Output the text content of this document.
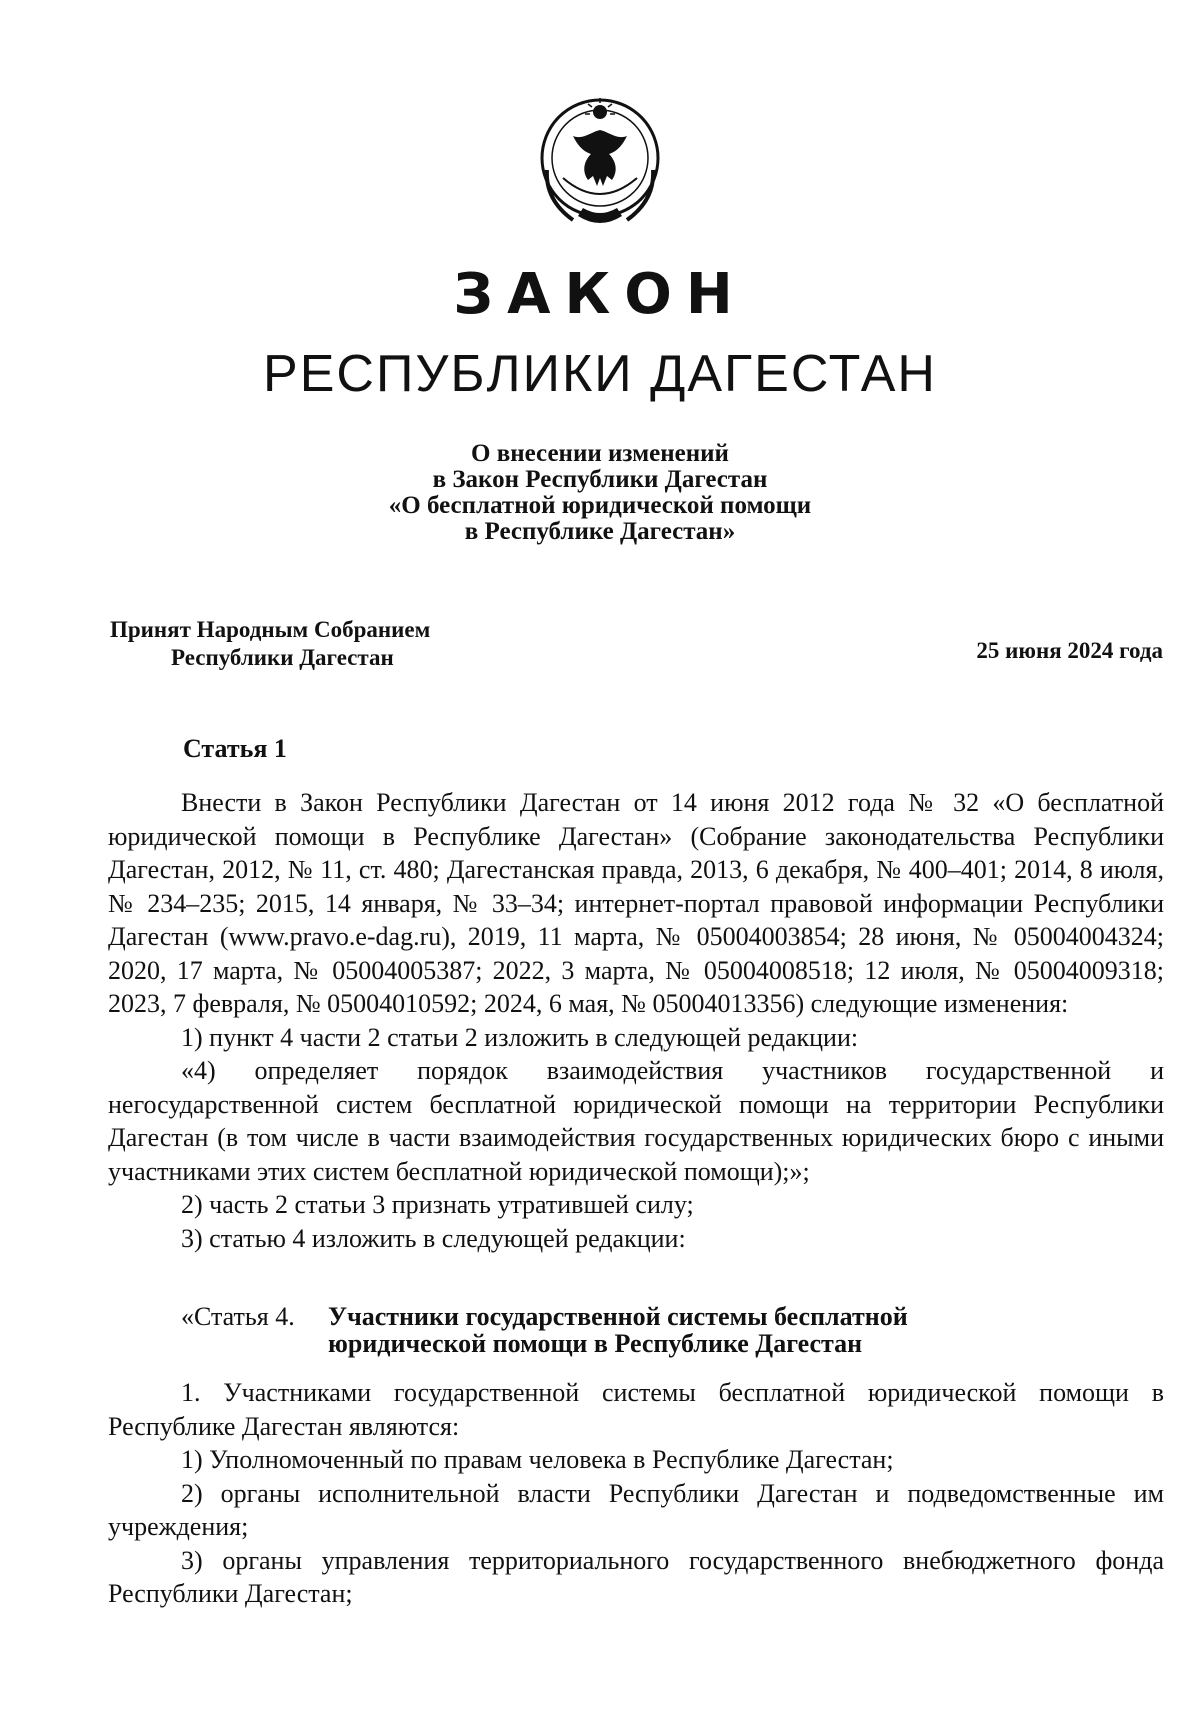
ЗАКОН
РЕСПУБЛИКИ ДАГЕСТАН
О внесении изменений
в Закон Республики Дагестан
«О бесплатной юридической помощи
в Республике Дагестан»
Принят Народным Собранием
Республики Дагестан	25 июня 2024 года
Статья 1

Внести в Закон Республики Дагестан от 14 июня 2012 года № 32 «О бесплатной юридической помощи в Республике Дагестан» (Собрание законодательства Республики Дагестан, 2012, № 11, ст. 480; Дагестанская правда, 2013, 6 декабря, № 400–401; 2014, 8 июля, № 234–235; 2015, 14 января, № 33–34; интернет-портал правовой информации Республики Дагестан (www.pravo.e-dag.ru), 2019, 11 марта, № 05004003854; 28 июня, № 05004004324; 2020, 17 марта, № 05004005387; 2022, 3 марта, № 05004008518; 12 июля, № 05004009318; 2023, 7 февраля, № 05004010592; 2024, 6 мая, № 05004013356) следующие изменения:

1) пункт 4 части 2 статьи 2 изложить в следующей редакции:

«4) определяет порядок взаимодействия участников государственной и негосударственной систем бесплатной юридической помощи на территории Республики Дагестан (в том числе в части взаимодействия государственных юридических бюро с иными участниками этих систем бесплатной юридической помощи);»;

2) часть 2 статьи 3 признать утратившей силу;

3) статью 4 изложить в следующей редакции:

«Статья 4. Участники государственной системы бесплатной
юридической помощи в Республике Дагестан

1. Участниками государственной системы бесплатной юридической помощи в Республике Дагестан являются:

1) Уполномоченный по правам человека в Республике Дагестан;

2) органы исполнительной власти Республики Дагестан и подведомственные им учреждения;

3) органы управления территориального государственного внебюджетного фонда Республики Дагестан;
